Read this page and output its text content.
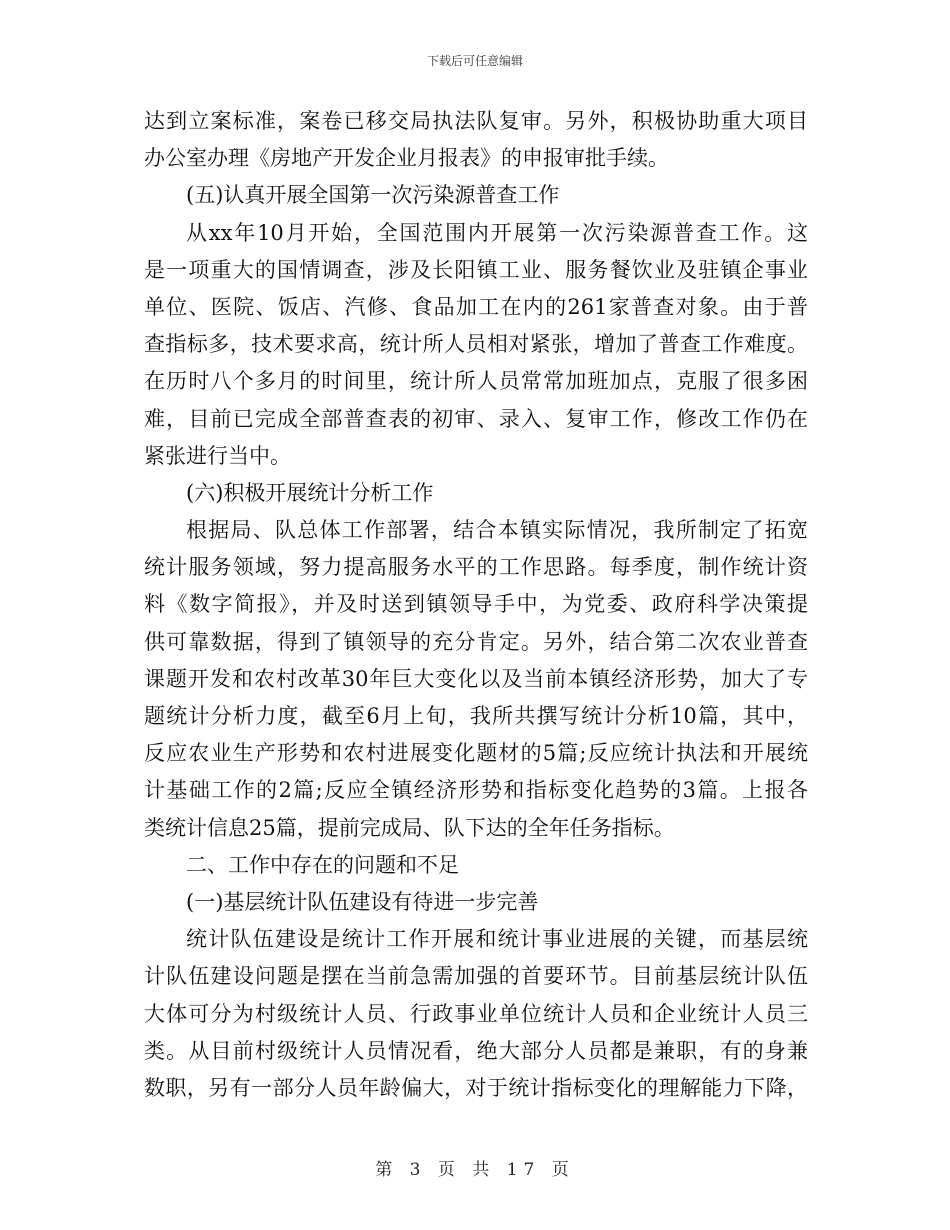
下载后可任意编辑
达到立案标准，案卷已移交局执法队复审。另外，积极协助重大项目
办公室办理《房地产开发企业月报表》的申报审批手续。
(五)认真开展全国第一次污染源普查工作
从xx年10月开始，全国范围内开展第一次污染源普查工作。这
是一项重大的国情调查，涉及长阳镇工业、服务餐饮业及驻镇企事业
单位、医院、饭店、汽修、食品加工在内的261家普查对象。由于普
查指标多，技术要求高，统计所人员相对紧张，增加了普查工作难度。
在历时八个多月的时间里，统计所人员常常加班加点，克服了很多困
难，目前已完成全部普查表的初审、录入、复审工作，修改工作仍在
紧张进行当中。
(六)积极开展统计分析工作
根据局、队总体工作部署，结合本镇实际情况，我所制定了拓宽
统计服务领域，努力提高服务水平的工作思路。每季度，制作统计资
料《数字简报》，并及时送到镇领导手中，为党委、政府科学决策提
供可靠数据，得到了镇领导的充分肯定。另外，结合第二次农业普查
课题开发和农村改革30年巨大变化以及当前本镇经济形势，加大了专
题统计分析力度，截至6月上旬，我所共撰写统计分析10篇，其中，
反应农业生产形势和农村进展变化题材的5篇;反应统计执法和开展统
计基础工作的2篇;反应全镇经济形势和指标变化趋势的3篇。上报各
类统计信息25篇，提前完成局、队下达的全年任务指标。
二、工作中存在的问题和不足
(一)基层统计队伍建设有待进一步完善
统计队伍建设是统计工作开展和统计事业进展的关键，而基层统
计队伍建设问题是摆在当前急需加强的首要环节。目前基层统计队伍
大体可分为村级统计人员、行政事业单位统计人员和企业统计人员三
类。从目前村级统计人员情况看，绝大部分人员都是兼职，有的身兼
数职，另有一部分人员年龄偏大，对于统计指标变化的理解能力下降，
第 3 页 共 17 页
